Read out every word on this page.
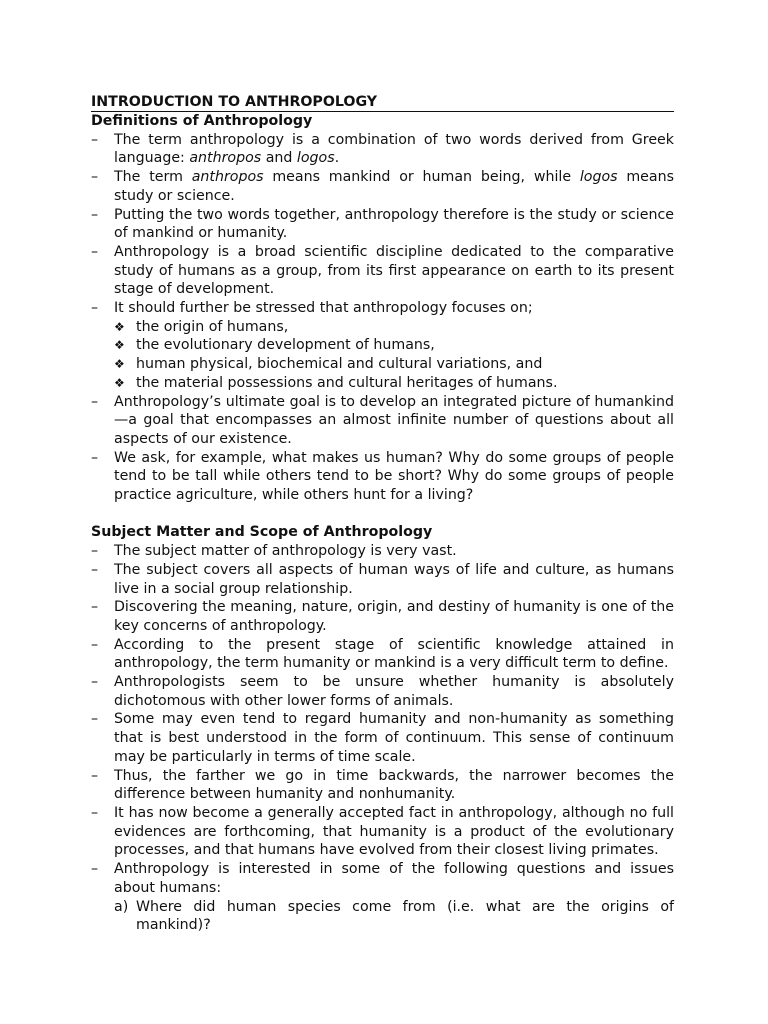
INTRODUCTION TO ANTHROPOLOGY
Definitions of Anthropology
–	The term anthropology is a combination of two words derived from Greek language: anthropos and logos.
–	The term anthropos means mankind or human being, while logos means study or science.
–	Putting the two words together, anthropology therefore is the study or science of mankind or humanity.
–	Anthropology is a broad scientific discipline dedicated to the comparative study of humans as a group, from its first appearance on earth to its present stage of development.
–	It should further be stressed that anthropology focuses on;
❖ the origin of humans,
❖ the evolutionary development of humans,
❖ human physical, biochemical and cultural variations, and
❖ the material possessions and cultural heritages of humans.
–	Anthropology’s ultimate goal is to develop an integrated picture of humankind—a goal that encompasses an almost infinite number of questions about all aspects of our existence.
–	We ask, for example, what makes us human? Why do some groups of people tend to be tall while others tend to be short? Why do some groups of people practice agriculture, while others hunt for a living?
Subject Matter and Scope of Anthropology
–	The subject matter of anthropology is very vast.
–	The subject covers all aspects of human ways of life and culture, as humans live in a social group relationship.
–	Discovering the meaning, nature, origin, and destiny of humanity is one of the key concerns of anthropology.
–	According to the present stage of scientific knowledge attained in anthropology, the term humanity or mankind is a very difficult term to define.
–	Anthropologists seem to be unsure whether humanity is absolutely dichotomous with other lower forms of animals.
–	Some may even tend to regard humanity and non-humanity as something that is best understood in the form of continuum. This sense of continuum may be particularly in terms of time scale.
–	Thus, the farther we go in time backwards, the narrower becomes the difference between humanity and nonhumanity.
–	It has now become a generally accepted fact in anthropology, although no full evidences are forthcoming, that humanity is a product of the evolutionary processes, and that humans have evolved from their closest living primates.
–	Anthropology is interested in some of the following questions and issues about humans:
a) Where did human species come from (i.e. what are the origins of mankind)?
